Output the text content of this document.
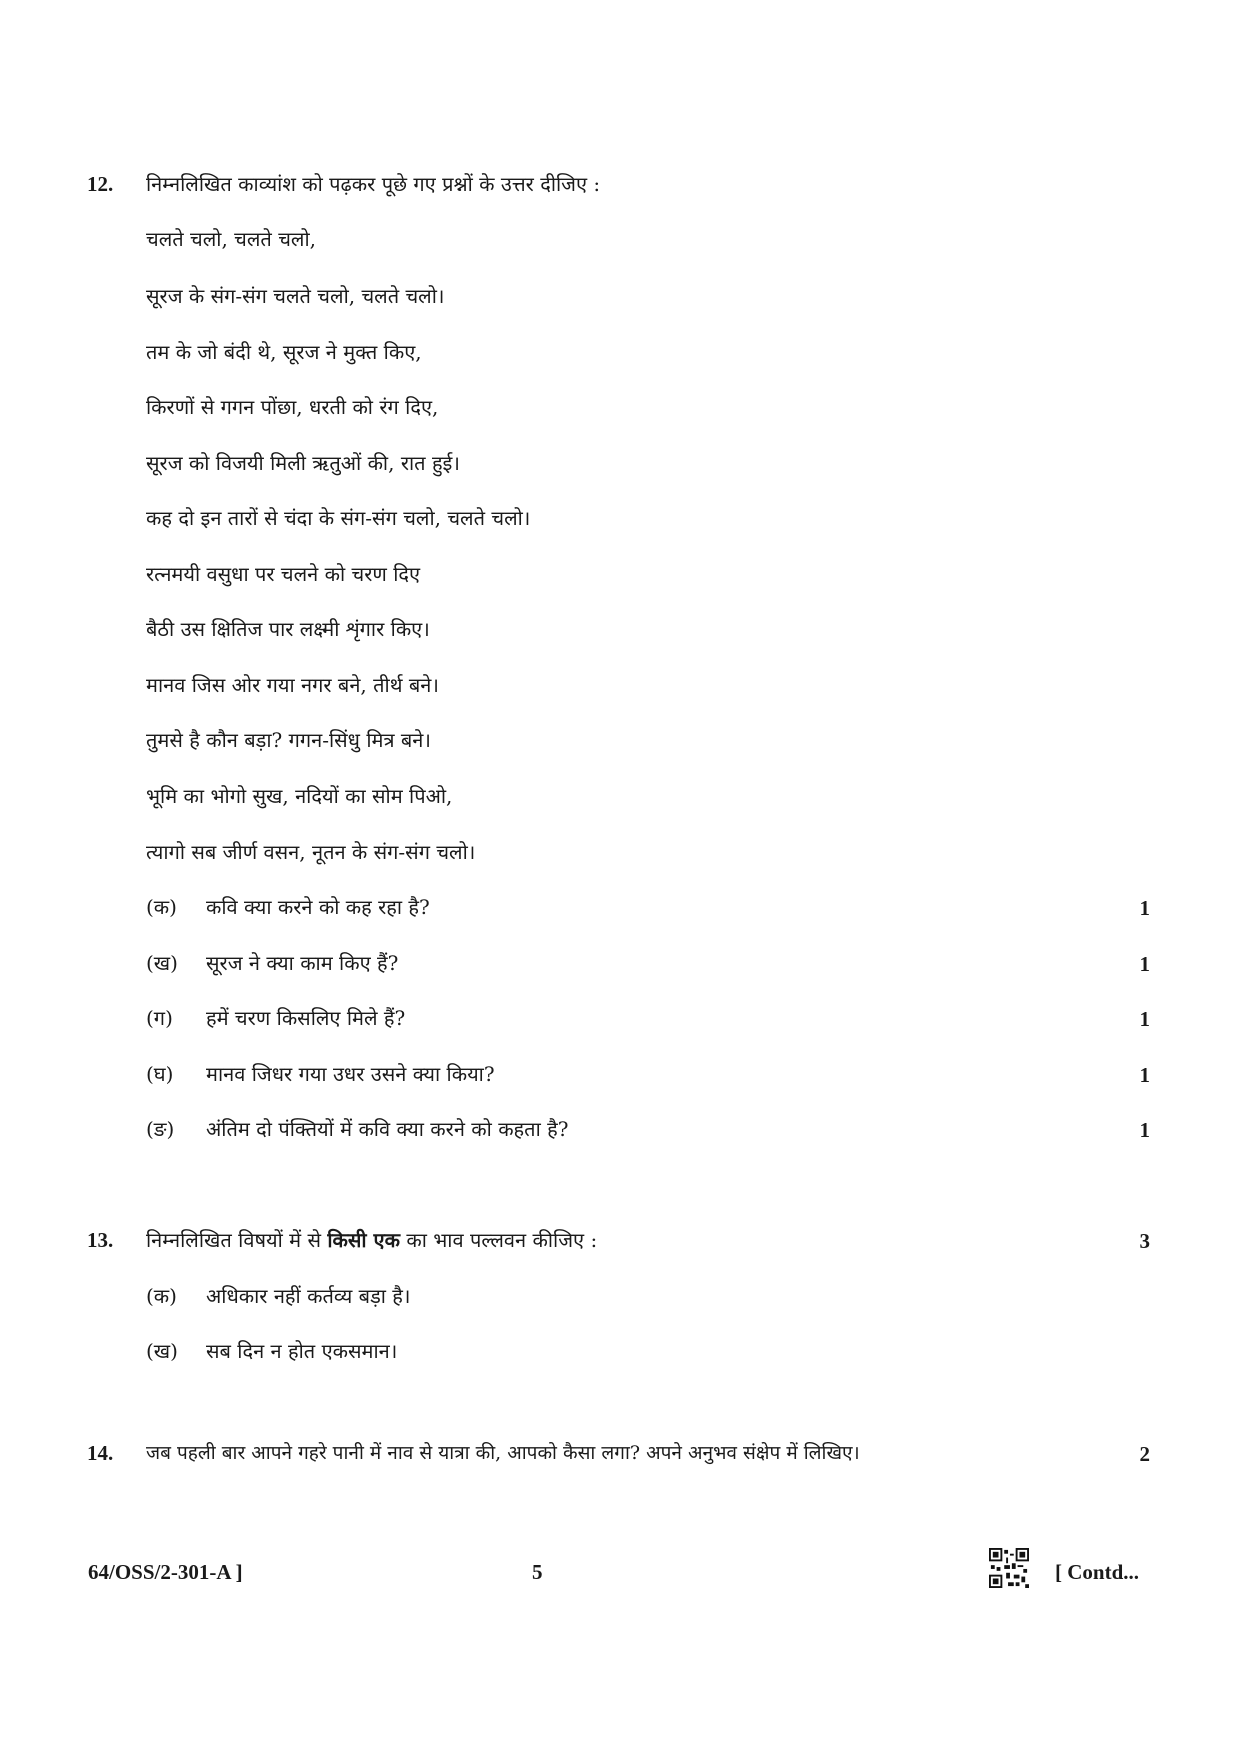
12. निम्नलिखित काव्यांश को पढ़कर पूछे गए प्रश्नों के उत्तर दीजिए :
चलते चलो, चलते चलो,
सूरज के संग-संग चलते चलो, चलते चलो।
तम के जो बंदी थे, सूरज ने मुक्त किए,
किरणों से गगन पोंछा, धरती को रंग दिए,
सूरज को विजयी मिली ऋतुओं की, रात हुई।
कह दो इन तारों से चंदा के संग-संग चलो, चलते चलो।
रत्नमयी वसुधा पर चलने को चरण दिए
बैठी उस क्षितिज पार लक्ष्मी शृंगार किए।
मानव जिस ओर गया नगर बने, तीर्थ बने।
तुमसे है कौन बड़ा? गगन-सिंधु मित्र बने।
भूमि का भोगो सुख, नदियों का सोम पिओ,
त्यागो सब जीर्ण वसन, नूतन के संग-संग चलो।
(क) कवि क्या करने को कह रहा है?	1
(ख) सूरज ने क्या काम किए हैं?	1
(ग) हमें चरण किसलिए मिले हैं?	1
(घ) मानव जिधर गया उधर उसने क्या किया?	1
(ङ) अंतिम दो पंक्तियों में कवि क्या करने को कहता है?	1
13. निम्नलिखित विषयों में से किसी एक का भाव पल्लवन कीजिए :	3
(क) अधिकार नहीं कर्तव्य बड़ा है।
(ख) सब दिन न होत एकसमान।
14. जब पहली बार आपने गहरे पानी में नाव से यात्रा की, आपको कैसा लगा? अपने अनुभव संक्षेप में लिखिए।	2
64/OSS/2-301-A ]	5	[ Contd...
